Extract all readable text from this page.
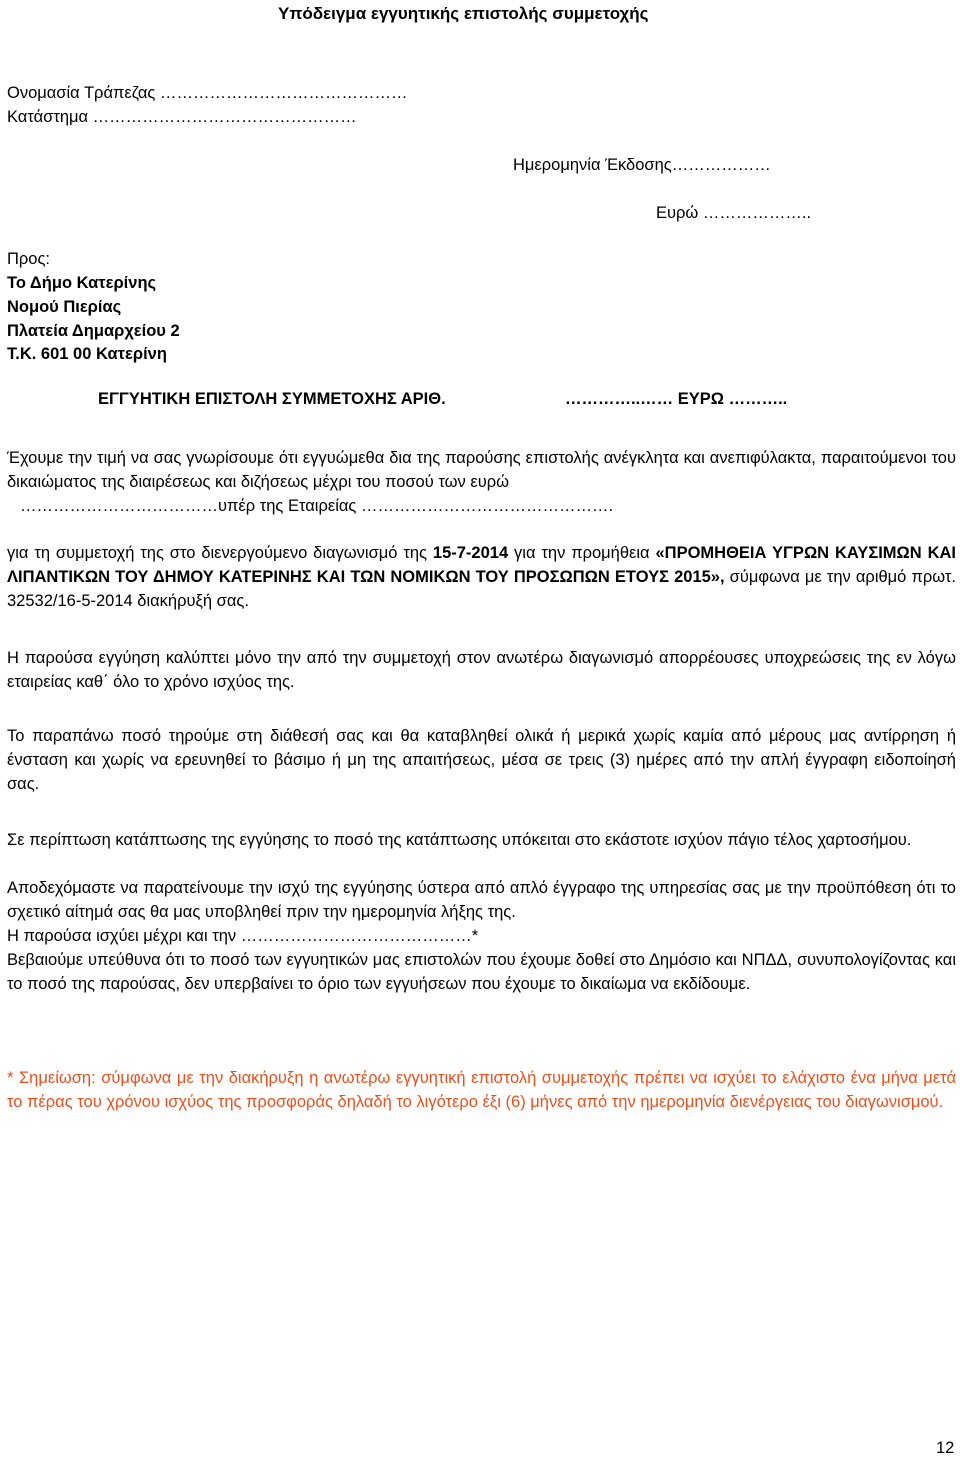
Υπόδειγμα εγγυητικής επιστολής συμμετοχής
Ονομασία Τράπεζας ………………………………………
Κατάστημα …………………………………………
Ημερομηνία Έκδοσης………………
Ευρώ ………………..
Προς:
Το Δήμο Κατερίνης
Νομού Πιερίας
Πλατεία Δημαρχείου 2
Τ.Κ. 601 00 Κατερίνη
ΕΓΓΥΗΤΙΚΗ ΕΠΙΣΤΟΛΗ ΣΥΜΜΕΤΟΧΗΣ ΑΡΙΘ.	…………..…… ΕΥΡΩ ………..

Έχουμε την τιμή να σας γνωρίσουμε ότι εγγυώμεθα δια της παρούσης επιστολής ανέγκλητα και ανεπιφύλακτα, παραιτούμενοι του δικαιώματος της διαιρέσεως και διζήσεως μέχρι του ποσού των ευρώ

………………………………υπέρ της Εταιρείας ……………………………………….

για τη συμμετοχή της στο διενεργούμενο διαγωνισμό της 15-7-2014 για την προμήθεια «ΠΡΟΜΗΘΕΙΑ ΥΓΡΩΝ ΚΑΥΣΙΜΩΝ ΚΑΙ ΛΙΠΑΝΤΙΚΩΝ ΤΟΥ ΔΗΜΟΥ ΚΑΤΕΡΙΝΗΣ ΚΑΙ ΤΩΝ ΝΟΜΙΚΩΝ ΤΟΥ ΠΡΟΣΩΠΩΝ ΕΤΟΥΣ 2015», σύμφωνα με την αριθμό πρωτ. 32532/16-5-2014 διακήρυξή σας.

Η παρούσα εγγύηση καλύπτει μόνο την από την συμμετοχή στον ανωτέρω διαγωνισμό απορρέουσες υποχρεώσεις της εν λόγω εταιρείας καθ΄ όλο το χρόνο ισχύος της.

Το παραπάνω ποσό τηρούμε στη διάθεσή σας και θα καταβληθεί ολικά ή μερικά χωρίς καμία από μέρους μας αντίρρηση ή ένσταση και χωρίς να ερευνηθεί το βάσιμο ή μη της απαιτήσεως, μέσα σε τρεις (3) ημέρες από την απλή έγγραφη ειδοποίησή σας.

Σε περίπτωση κατάπτωσης της εγγύησης το ποσό της κατάπτωσης υπόκειται στο εκάστοτε ισχύον πάγιο τέλος χαρτοσήμου.

Αποδεχόμαστε να παρατείνουμε την ισχύ της εγγύησης ύστερα από απλό έγγραφο της υπηρεσίας σας με την προϋπόθεση ότι το σχετικό αίτημά σας θα μας υποβληθεί πριν την ημερομηνία λήξης της.

Η παρούσα ισχύει μέχρι και την ……………………………………*

Βεβαιούμε υπεύθυνα ότι το ποσό των εγγυητικών μας επιστολών που έχουμε δοθεί στο Δημόσιο και ΝΠΔΔ, συνυπολογίζοντας και το ποσό της παρούσας, δεν υπερβαίνει το όριο των εγγυήσεων που έχουμε το δικαίωμα να εκδίδουμε.

* Σημείωση: σύμφωνα με την διακήρυξη η ανωτέρω εγγυητική επιστολή συμμετοχής πρέπει να ισχύει το ελάχιστο ένα μήνα μετά το πέρας του χρόνου ισχύος της προσφοράς δηλαδή το λιγότερο έξι (6) μήνες από την ημερομηνία διενέργειας του διαγωνισμού.

12
